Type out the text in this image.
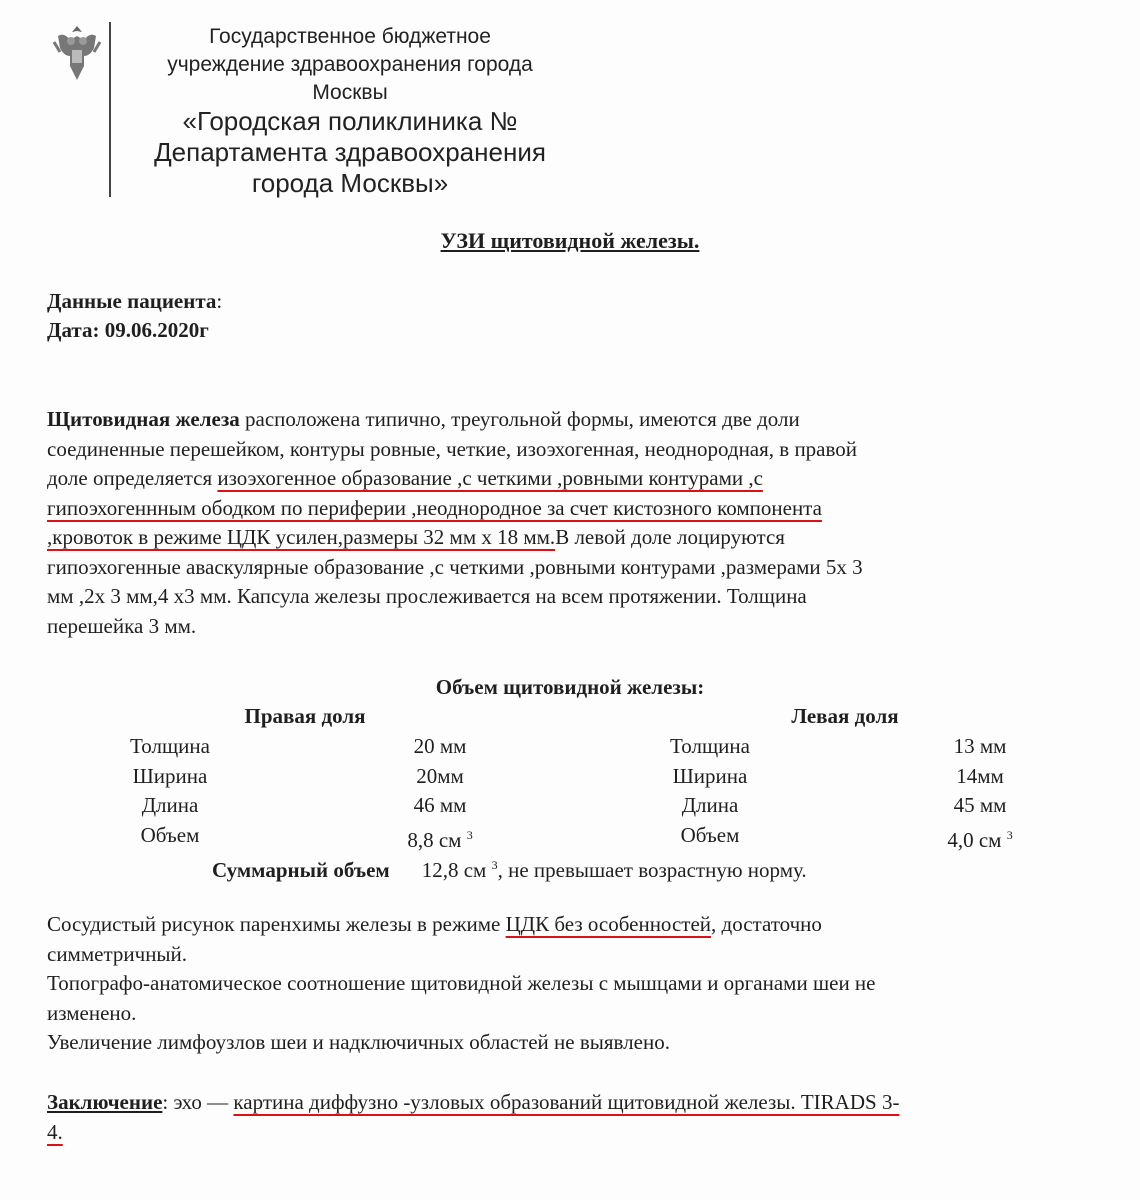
Государственное бюджетное
учреждение здравоохранения города
Москвы
«Городская поликлиника №
Департамента здравоохранения
города Москвы»
УЗИ щитовидной железы.
Данные пациента:
Дата: 09.06.2020г
Щитовидная железа расположена типично, треугольной формы, имеются две доли
соединенные перешейком, контуры ровные, четкие, изоэхогенная, неоднородная, в правой
доле определяется изоэхогенное образование ,с четкими ,ровными контурами ,с
гипоэхогеннным ободком по периферии ,неоднородное за счет кистозного компонента
,кровоток в режиме ЦДК усилен,размеры 32 мм х 18 мм.В левой доле лоцируются
гипоэхогенные аваскулярные образование ,с четкими ,ровными контурами ,размерами 5х 3
мм ,2х 3 мм,4 х3 мм. Капсула железы прослеживается на всем протяжении. Толщина
перешейка 3 мм.
Объем щитовидной железы:
Правая доля	Левая доля
Толщина
Ширина
Длина
Объем
20 мм
20мм
46 мм
8,8 см $^3$
Толщина
Ширина
Длина
Объем
13 мм
14мм
45 мм
4,0 см $^3$
Суммарный объем 12,8 см $^3$, не превышает возрастную норму.
Сосудистый рисунок паренхимы железы в режиме ЦДК без особенностей, достаточно
симметричный.
Топографо-анатомическое соотношение щитовидной железы с мышцами и органами шеи не
изменено.
Увеличение лимфоузлов шеи и надключичных областей не выявлено.
Заключение: эхо — картина диффузно -узловых образований щитовидной железы. TIRADS 3-
4.
